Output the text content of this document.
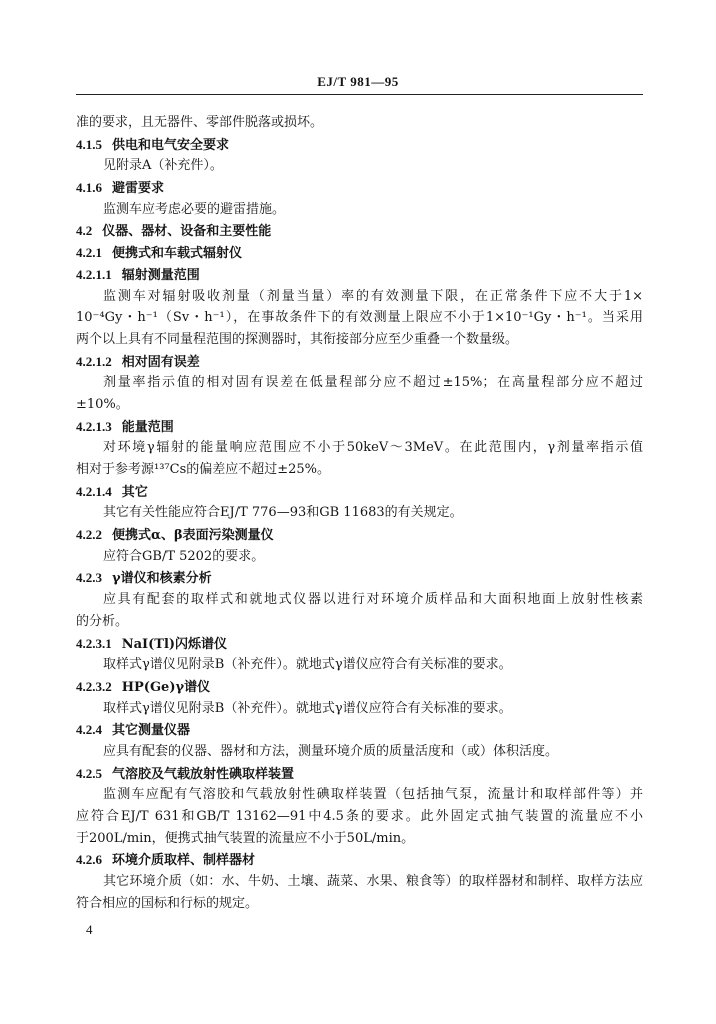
EJ/T 981—95
准的要求，且无器件、零部件脱落或损坏。
4.1.5 供电和电气安全要求
见附录A（补充件）。
4.1.6 避雷要求
监测车应考虑必要的避雷措施。
4.2 仪器、器材、设备和主要性能
4.2.1 便携式和车载式辐射仪
4.2.1.1 辐射测量范围
监测车对辐射吸收剂量（剂量当量）率的有效测量下限，在正常条件下应不大于1×
10⁻⁴Gy・h⁻¹（Sv・h⁻¹），在事故条件下的有效测量上限应不小于1×10⁻¹Gy・h⁻¹。当采用
两个以上具有不同量程范围的探测器时，其衔接部分应至少重叠一个数量级。
4.2.1.2 相对固有误差
剂量率指示值的相对固有误差在低量程部分应不超过±15%；在高量程部分应不超过
±10%。
4.2.1.3 能量范围
对环境γ辐射的能量响应范围应不小于50keV～3MeV。在此范围内，γ剂量率指示值
相对于参考源¹³⁷Cs的偏差应不超过±25%。
4.2.1.4 其它
其它有关性能应符合EJ/T 776—93和GB 11683的有关规定。
4.2.2 便携式α、β表面污染测量仪
应符合GB/T 5202的要求。
4.2.3 γ谱仪和核素分析
应具有配套的取样式和就地式仪器以进行对环境介质样品和大面积地面上放射性核素
的分析。
4.2.3.1 NaI(Tl)闪烁谱仪
取样式γ谱仪见附录B（补充件）。就地式γ谱仪应符合有关标准的要求。
4.2.3.2 HP(Ge)γ谱仪
取样式γ谱仪见附录B（补充件）。就地式γ谱仪应符合有关标准的要求。
4.2.4 其它测量仪器
应具有配套的仪器、器材和方法，测量环境介质的质量活度和（或）体积活度。
4.2.5 气溶胶及气载放射性碘取样装置
监测车应配有气溶胶和气载放射性碘取样装置（包括抽气泵，流量计和取样部件等）并
应符合EJ/T 631和GB/T 13162—91中4.5条的要求。此外固定式抽气装置的流量应不小
于200L/min，便携式抽气装置的流量应不小于50L/min。
4.2.6 环境介质取样、制样器材
其它环境介质（如：水、牛奶、土壤、蔬菜、水果、粮食等）的取样器材和制样、取样方法应
符合相应的国标和行标的规定。
4
